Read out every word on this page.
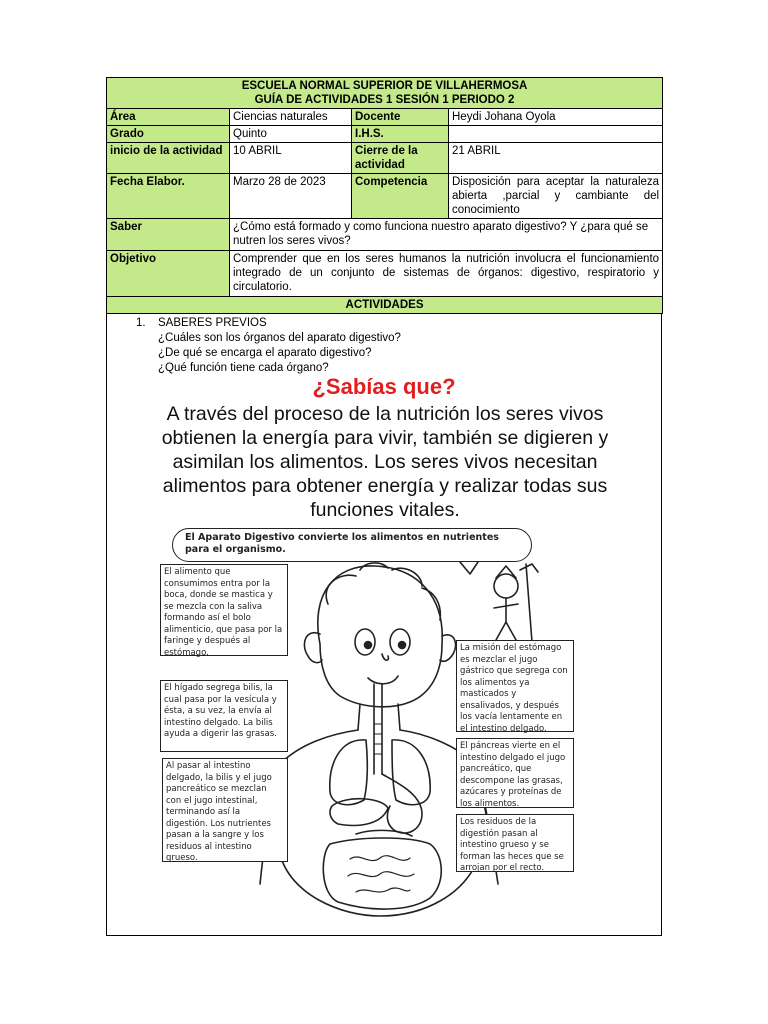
ESCUELA NORMAL SUPERIOR DE VILLAHERMOSA
GUÍA DE ACTIVIDADES 1 SESIÓN 1 PERIODO 2			

Área	Ciencias naturales	Docente	Heydi Johana Oyola
Grado	Quinto	I.H.S.	
inicio de la actividad	10 ABRIL	Cierre de la actividad	21 ABRIL
Fecha Elabor.	Marzo 28 de 2023	Competencia	Disposición para aceptar la naturaleza abierta ,parcial y cambiante del conocimiento
Saber	¿Cómo está formado y como funciona nuestro aparato digestivo? Y ¿para qué se nutren los seres vivos?		
Objetivo	Comprender que en los seres humanos la nutrición involucra el funcionamiento integrado de un conjunto de sistemas de órganos: digestivo, respiratorio y circulatorio.		
ACTIVIDADES			
1. SABERES PREVIOS
¿Cuáles son los órganos del aparato digestivo?
¿De qué se encarga el aparato digestivo?
¿Qué función tiene cada órgano?
¿Sabías que?
A través del proceso de la nutrición los seres vivos obtienen la energía para vivir, también se digieren y asimilan los alimentos. Los seres vivos necesitan alimentos para obtener energía y realizar todas sus funciones vitales.
El Aparato Digestivo convierte los alimentos en nutrientes para el organismo.
El alimento que consumimos entra por la boca, donde se mastica y se mezcla con la saliva formando así el bolo alimenticio, que pasa por la faringe y después al estómago.
El hígado segrega bilis, la cual pasa por la vesícula y ésta, a su vez, la envía al intestino delgado. La bilis ayuda a digerir las grasas.
Al pasar al intestino delgado, la bilis y el jugo pancreático se mezclan con el jugo intestinal, terminando así la digestión. Los nutrientes pasan a la sangre y los residuos al intestino grueso.
La misión del estómago es mezclar el jugo gástrico que segrega con los alimentos ya masticados y ensalivados, y después los vacía lentamente en el intestino delgado.
El páncreas vierte en el intestino delgado el jugo pancreático, que descompone las grasas, azúcares y proteínas de los alimentos.
Los residuos de la digestión pasan al intestino grueso y se forman las heces que se arrojan por el recto.
